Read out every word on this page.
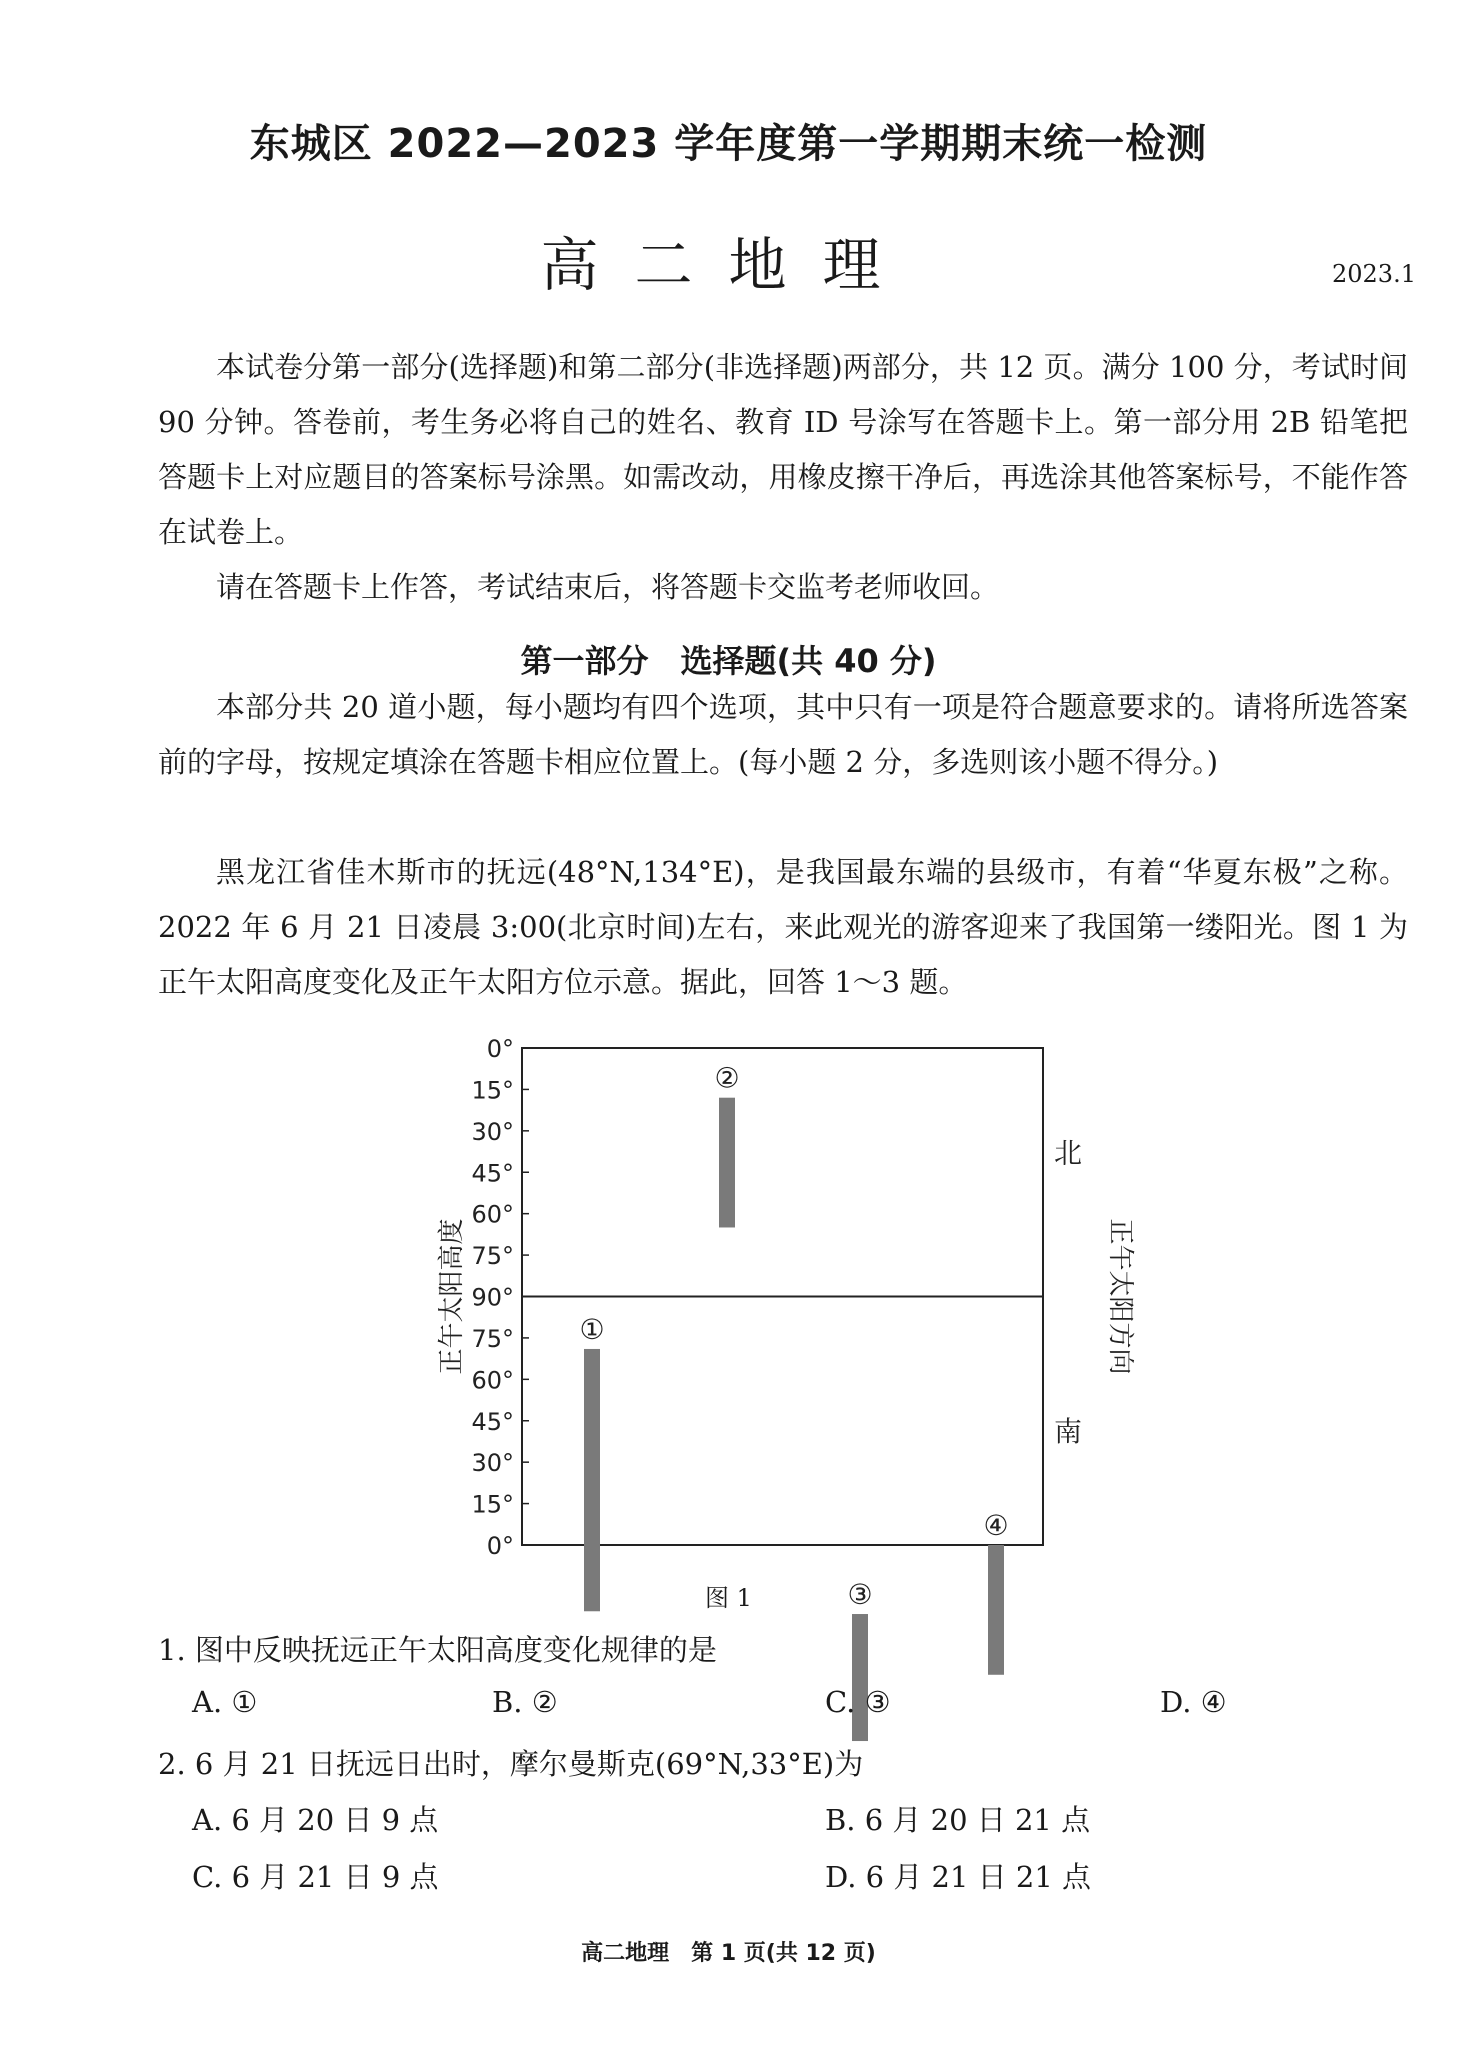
东城区 2022—2023 学年度第一学期期末统一检测
高二地理	2023.1

本试卷分第一部分(选择题)和第二部分(非选择题)两部分，共 12 页。满分 100 分，考试时间 90 分钟。答卷前，考生务必将自己的姓名、教育 ID 号涂写在答题卡上。第一部分用 2B 铅笔把答题卡上对应题目的答案标号涂黑。如需改动，用橡皮擦干净后，再选涂其他答案标号，不能作答在试卷上。

请在答题卡上作答，考试结束后，将答题卡交监考老师收回。

第一部分　选择题(共 40 分)

本部分共 20 道小题，每小题均有四个选项，其中只有一项是符合题意要求的。请将所选答案前的字母，按规定填涂在答题卡相应位置上。(每小题 2 分，多选则该小题不得分。)

黑龙江省佳木斯市的抚远(48°N,134°E)，是我国最东端的县级市，有着“华夏东极”之称。2022 年 6 月 21 日凌晨 3:00(北京时间)左右，来此观光的游客迎来了我国第一缕阳光。图 1 为正午太阳高度变化及正午太阳方位示意。据此，回答 1～3 题。

0°
15°
30°
45°
60°
75°
90°
75°
60°
45°
30°
15°
0°
①
②
③
④
正午太阳高度	正午太阳方向
北
南
图 1
1. 图中反映抚远正午太阳高度变化规律的是
A. ①	B. ②	C. ③	D. ④
2. 6 月 21 日抚远日出时，摩尔曼斯克(69°N,33°E)为
A. 6 月 20 日 9 点	B. 6 月 20 日 21 点
C. 6 月 21 日 9 点	D. 6 月 21 日 21 点
高二地理　第 1 页(共 12 页)
